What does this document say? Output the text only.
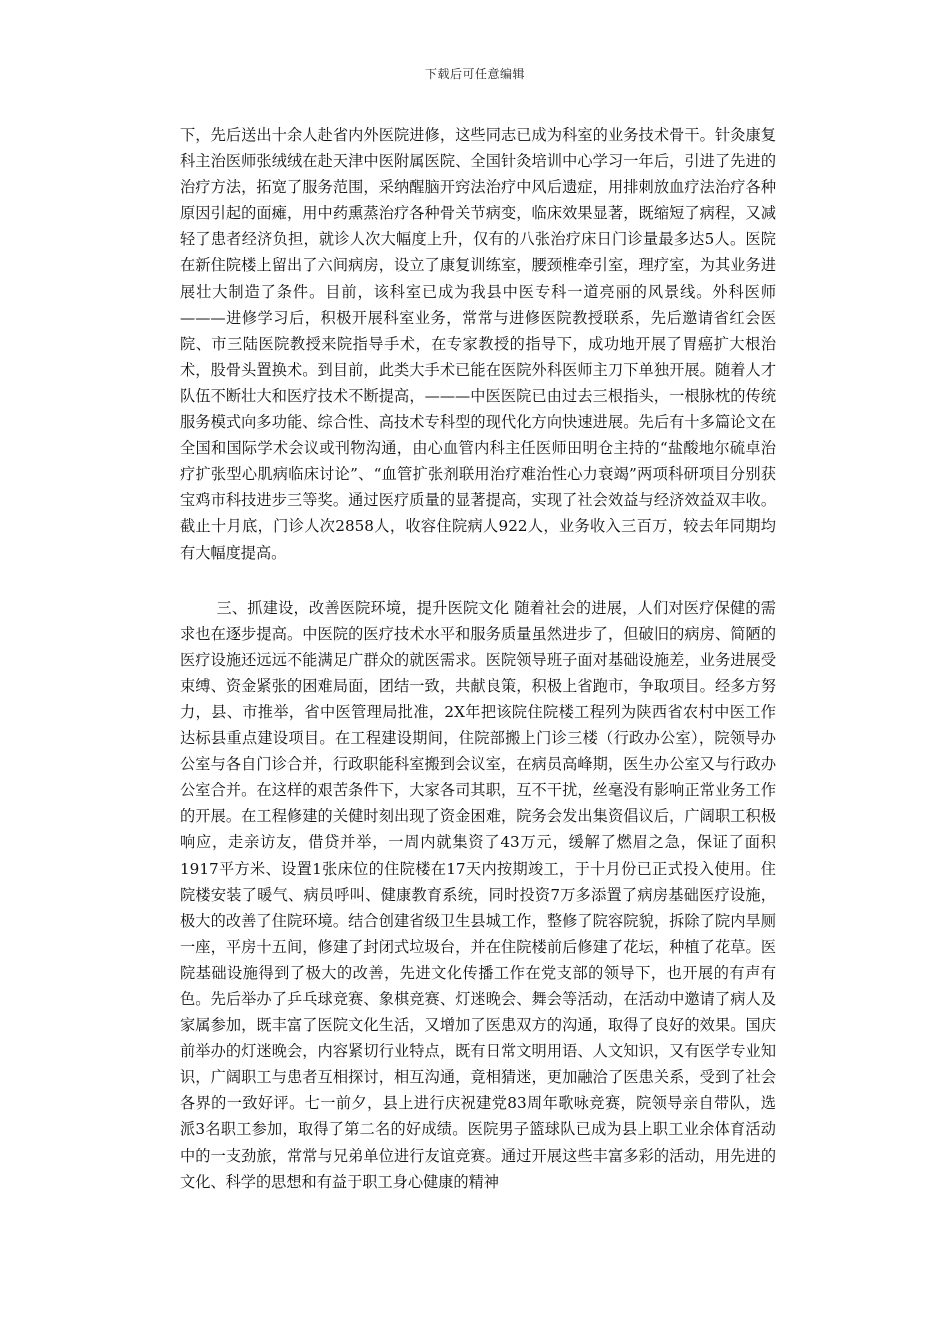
下载后可任意编辑

下，先后送出十余人赴省内外医院进修，这些同志已成为科室的业务技术骨干。针灸康复科主治医师张绒绒在赴天津中医附属医院、全国针灸培训中心学习一年后，引进了先进的治疗方法，拓宽了服务范围，采纳醒脑开窍法治疗中风后遗症，用排刺放血疗法治疗各种原因引起的面瘫，用中药熏蒸治疗各种骨关节病变，临床效果显著，既缩短了病程，又减轻了患者经济负担，就诊人次大幅度上升，仅有的八张治疗床日门诊量最多达5人。医院在新住院楼上留出了六间病房，设立了康复训练室，腰颈椎牵引室，理疗室，为其业务进展壮大制造了条件。目前，该科室已成为我县中医专科一道亮丽的风景线。外科医师———进修学习后，积极开展科室业务，常常与进修医院教授联系，先后邀请省红会医院、市三陆医院教授来院指导手术，在专家教授的指导下，成功地开展了胃癌扩大根治术，股骨头置换术。到目前，此类大手术已能在医院外科医师主刀下单独开展。随着人才队伍不断壮大和医疗技术不断提高，———中医医院已由过去三根指头，一根脉枕的传统服务模式向多功能、综合性、高技术专科型的现代化方向快速进展。先后有十多篇论文在全国和国际学术会议或刊物沟通，由心血管内科主任医师田明仓主持的“盐酸地尔硫卓治疗扩张型心肌病临床讨论”、“血管扩张剂联用治疗难治性心力衰竭”两项科研项目分别获宝鸡市科技进步三等奖。通过医疗质量的显著提高，实现了社会效益与经济效益双丰收。截止十月底，门诊人次2858人，收容住院病人922人，业务收入三百万，较去年同期均有大幅度提高。

三、抓建设，改善医院环境，提升医院文化 随着社会的进展，人们对医疗保健的需求也在逐步提高。中医院的医疗技术水平和服务质量虽然进步了，但破旧的病房、简陋的医疗设施还远远不能满足广群众的就医需求。医院领导班子面对基础设施差，业务进展受束缚、资金紧张的困难局面，团结一致，共献良策，积极上省跑市，争取项目。经多方努力，县、市推举，省中医管理局批准，2X年把该院住院楼工程列为陕西省农村中医工作达标县重点建设项目。在工程建设期间，住院部搬上门诊三楼（行政办公室），院领导办公室与各自门诊合并，行政职能科室搬到会议室，在病员高峰期，医生办公室又与行政办公室合并。在这样的艰苦条件下，大家各司其职，互不干扰，丝毫没有影响正常业务工作的开展。在工程修建的关健时刻出现了资金困难，院务会发出集资倡议后，广阔职工积极响应，走亲访友，借贷并举，一周内就集资了43万元，缓解了燃眉之急，保证了面积1917平方米、设置1张床位的住院楼在17天内按期竣工，于十月份已正式投入使用。住院楼安装了暖气、病员呼叫、健康教育系统，同时投资7万多添置了病房基础医疗设施，极大的改善了住院环境。结合创建省级卫生县城工作，整修了院容院貌，拆除了院内旱厕一座，平房十五间，修建了封闭式垃圾台，并在住院楼前后修建了花坛，种植了花草。医院基础设施得到了极大的改善，先进文化传播工作在党支部的领导下，也开展的有声有色。先后举办了乒乓球竞赛、象棋竞赛、灯迷晚会、舞会等活动，在活动中邀请了病人及家属参加，既丰富了医院文化生活，又增加了医患双方的沟通，取得了良好的效果。国庆前举办的灯迷晚会，内容紧切行业特点，既有日常文明用语、人文知识，又有医学专业知识，广阔职工与患者互相探讨，相互沟通，竟相猜迷，更加融洽了医患关系，受到了社会各界的一致好评。七一前夕，县上进行庆祝建党83周年歌咏竞赛，院领导亲自带队，选派3名职工参加，取得了第二名的好成绩。医院男子篮球队已成为县上职工业余体育活动中的一支劲旅，常常与兄弟单位进行友谊竞赛。通过开展这些丰富多彩的活动，用先进的文化、科学的思想和有益于职工身心健康的精神
